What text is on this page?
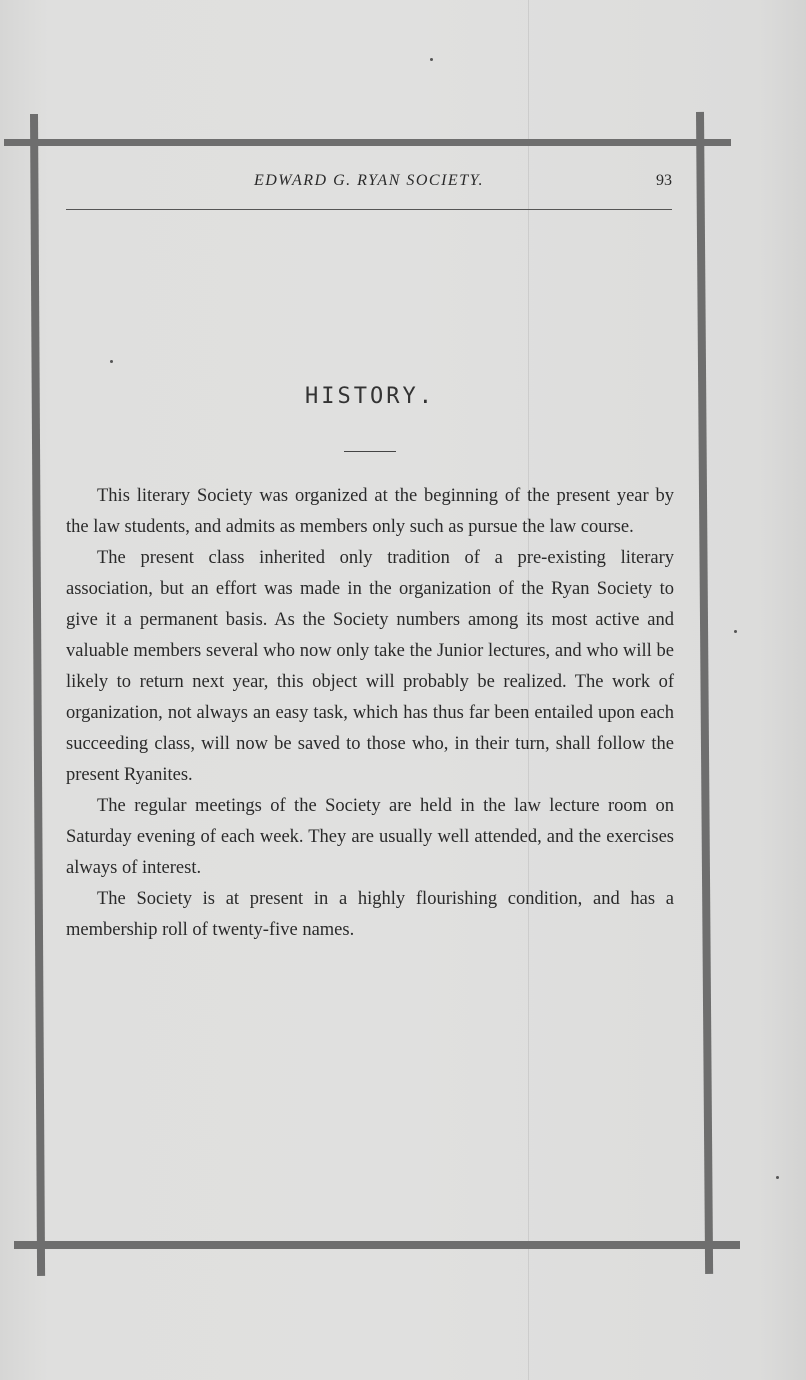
EDWARD G. RYAN SOCIETY.	93
HISTORY.

This literary Society was organized at the beginning of the present year by the law students, and admits as members only such as pursue the law course.

The present class inherited only tradition of a pre-existing literary association, but an effort was made in the organization of the Ryan Society to give it a permanent basis. As the Society numbers among its most active and valuable members several who now only take the Junior lectures, and who will be likely to return next year, this object will probably be realized. The work of organization, not always an easy task, which has thus far been entailed upon each succeeding class, will now be saved to those who, in their turn, shall follow the present Ryanites.

The regular meetings of the Society are held in the law lecture room on Saturday evening of each week. They are usually well attended, and the exercises always of interest.

The Society is at present in a highly flourishing condition, and has a membership roll of twenty-five names.
